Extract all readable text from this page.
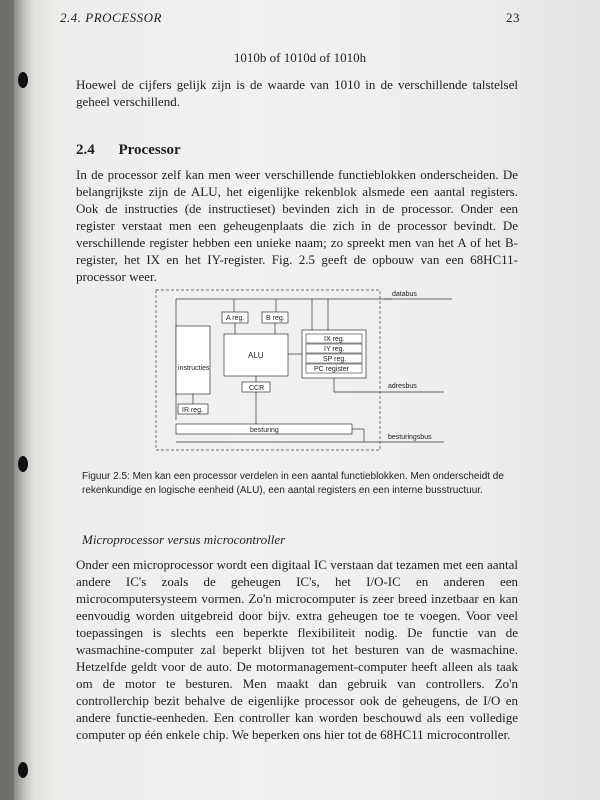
2.4. PROCESSOR	23
1010b of 1010d of 1010h
Hoewel de cijfers gelijk zijn is de waarde van 1010 in de verschillende talstelsel geheel verschillend.
2.4 Processor
In de processor zelf kan men weer verschillende functieblokken onderscheiden. De belangrijkste zijn de ALU, het eigenlijke rekenblok alsmede een aantal registers. Ook de instructies (de instructieset) bevinden zich in de processor. Onder een register verstaat men een geheugenplaats die zich in de processor bevindt. De verschillende register hebben een unieke naam; zo spreekt men van het A of het B-register, het IX en het IY-register. Fig. 2.5 geeft de opbouw van een 68HC11-processor weer.
databus
instructies
IR reg.
A reg.	B reg.
ALU
CCR
IX reg.
IY reg.
SP reg.
PC register
adresbus
besturing
besturingsbus
Figuur 2.5: Men kan een processor verdelen in een aantal functieblokken. Men onderscheidt de rekenkundige en logische eenheid (ALU), een aantal registers en een interne busstructuur.
Microprocessor versus microcontroller
Onder een microprocessor wordt een digitaal IC verstaan dat tezamen met een aantal andere IC's zoals de geheugen IC's, het I/O-IC en anderen een microcomputersysteem vormen. Zo'n microcomputer is zeer breed inzetbaar en kan eenvoudig worden uitgebreid door bijv. extra geheugen toe te voegen. Voor veel toepassingen is slechts een beperkte flexibiliteit nodig. De functie van de wasmachine-computer zal beperkt blijven tot het besturen van de wasmachine. Hetzelfde geldt voor de auto. De motormanagement-computer heeft alleen als taak om de motor te besturen. Men maakt dan gebruik van controllers. Zo'n controllerchip bezit behalve de eigenlijke processor ook de geheugens, de I/O en andere functie-eenheden. Een controller kan worden beschouwd als een volledige computer op één enkele chip. We beperken ons hier tot de 68HC11 microcontroller.
